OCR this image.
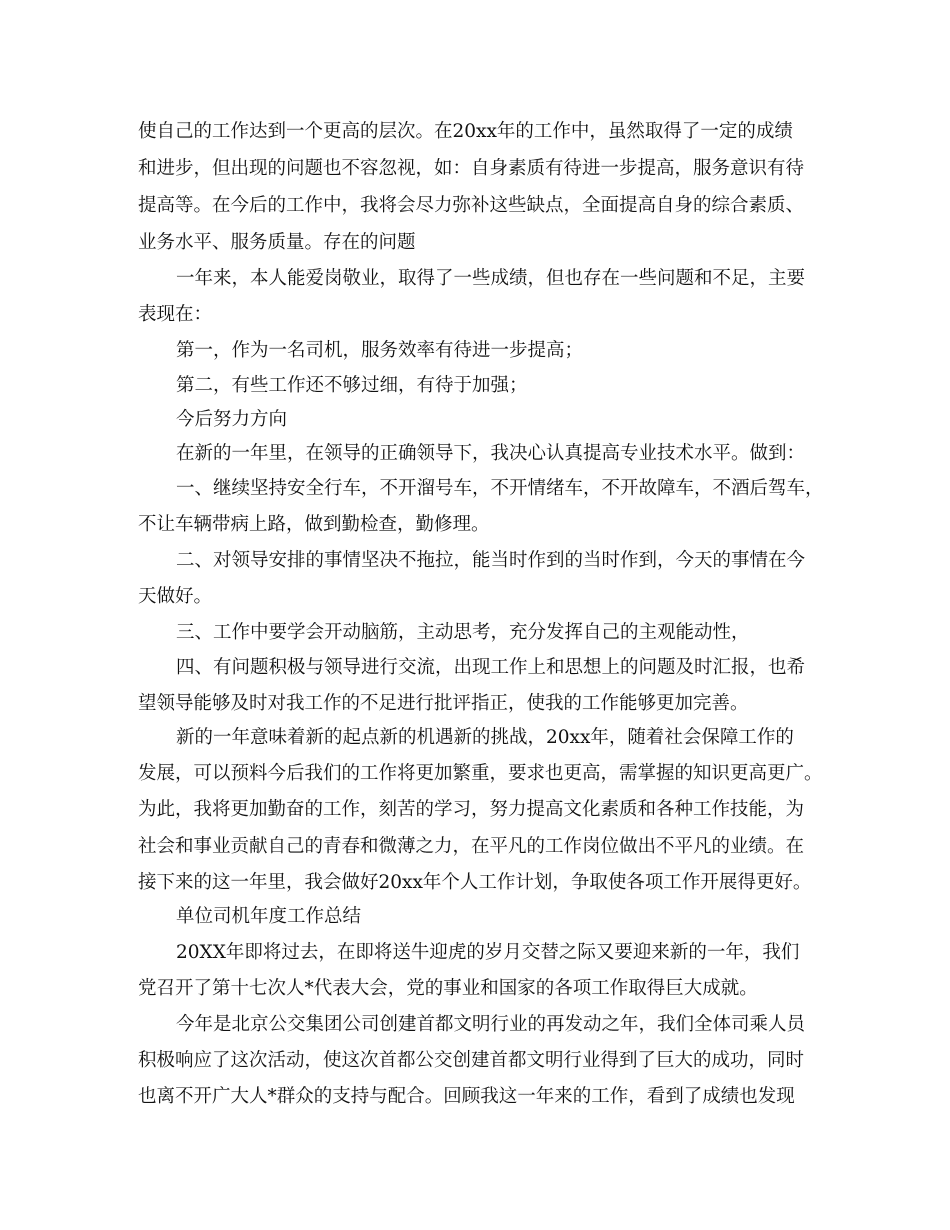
使自己的工作达到一个更高的层次。在20xx年的工作中，虽然取得了一定的成绩
和进步，但出现的问题也不容忽视，如：自身素质有待进一步提高，服务意识有待
提高等。在今后的工作中，我将会尽力弥补这些缺点，全面提高自身的综合素质、
业务水平、服务质量。存在的问题
一年来，本人能爱岗敬业，取得了一些成绩，但也存在一些问题和不足，主要
表现在：
第一，作为一名司机，服务效率有待进一步提高；
第二，有些工作还不够过细，有待于加强；
今后努力方向
在新的一年里，在领导的正确领导下，我决心认真提高专业技术水平。做到：
一、继续坚持安全行车，不开溜号车，不开情绪车，不开故障车，不酒后驾车，
不让车辆带病上路，做到勤检查，勤修理。
二、对领导安排的事情坚决不拖拉，能当时作到的当时作到，今天的事情在今
天做好。
三、工作中要学会开动脑筋，主动思考，充分发挥自己的主观能动性，
四、有问题积极与领导进行交流，出现工作上和思想上的问题及时汇报，也希
望领导能够及时对我工作的不足进行批评指正，使我的工作能够更加完善。
新的一年意味着新的起点新的机遇新的挑战，20xx年，随着社会保障工作的
发展，可以预料今后我们的工作将更加繁重，要求也更高，需掌握的知识更高更广。
为此，我将更加勤奋的工作，刻苦的学习，努力提高文化素质和各种工作技能，为
社会和事业贡献自己的青春和微薄之力，在平凡的工作岗位做出不平凡的业绩。在
接下来的这一年里，我会做好20xx年个人工作计划，争取使各项工作开展得更好。
单位司机年度工作总结
20XX年即将过去，在即将送牛迎虎的岁月交替之际又要迎来新的一年，我们
党召开了第十七次人*代表大会，党的事业和国家的各项工作取得巨大成就。
今年是北京公交集团公司创建首都文明行业的再发动之年，我们全体司乘人员
积极响应了这次活动，使这次首都公交创建首都文明行业得到了巨大的成功，同时
也离不开广大人*群众的支持与配合。回顾我这一年来的工作，看到了成绩也发现
